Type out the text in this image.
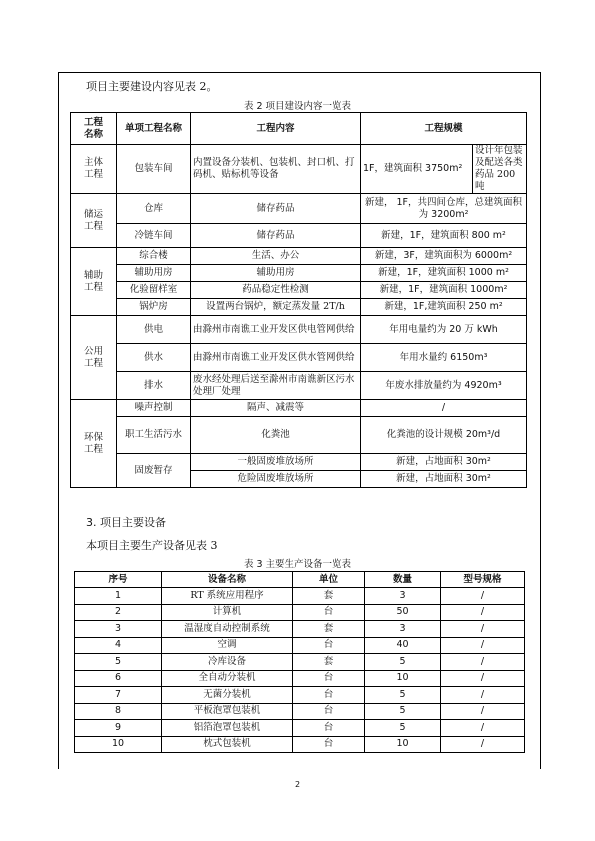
项目主要建设内容见表 2。
表 2 项目建设内容一览表
工程
名称	单项工程名称	工程内容	工程规模	
主体
工程	包装车间	内置设备分装机、包装机、封口机、打码机、贴标机等设备	1F，建筑面积 3750m²	设计年包装及配送各类药品 200 吨
储运
工程	仓库	储存药品	新建， 1F，共四间仓库，总建筑面积为 3200m²	
	冷链车间	储存药品	新建，1F，建筑面积 800 m²	
辅助
工程	综合楼	生活、办公	新建，3F，建筑面积为 6000m²	
	辅助用房	辅助用房	新建，1F，建筑面积 1000 m²	
	化验留样室	药品稳定性检测	新建，1F，建筑面积 1000m²	
	锅炉房	设置两台锅炉，额定蒸发量 2T/h	新建，1F,建筑面积 250 m²	
公用
工程	供电	由滁州市南谯工业开发区供电管网供给	年用电量约为 20 万 kWh	
	供水	由滁州市南谯工业开发区供水管网供给	年用水量约 6150m³	
	排水	废水经处理后送至滁州市南谯新区污水处理厂处理	年废水排放量约为 4920m³	
环保
工程	噪声控制	隔声、减震等	/	
	职工生活污水	化粪池	化粪池的设计规模 20m³/d	
	固废暂存	一般固废堆放场所	新建，占地面积 30m²	
		危险固废堆放场所	新建，占地面积 30m²	
3. 项目主要设备
本项目主要生产设备见表 3
表 3 主要生产设备一览表
序号	设备名称	单位	数量	型号规格
1	RT 系统应用程序	套	3	/
2	计算机	台	50	/
3	温湿度自动控制系统	套	3	/
4	空调	台	40	/
5	冷库设备	套	5	/
6	全自动分装机	台	10	/
7	无菌分装机	台	5	/
8	平板泡罩包装机	台	5	/
9	铝箔泡罩包装机	台	5	/
10	枕式包装机	台	10	/
2
